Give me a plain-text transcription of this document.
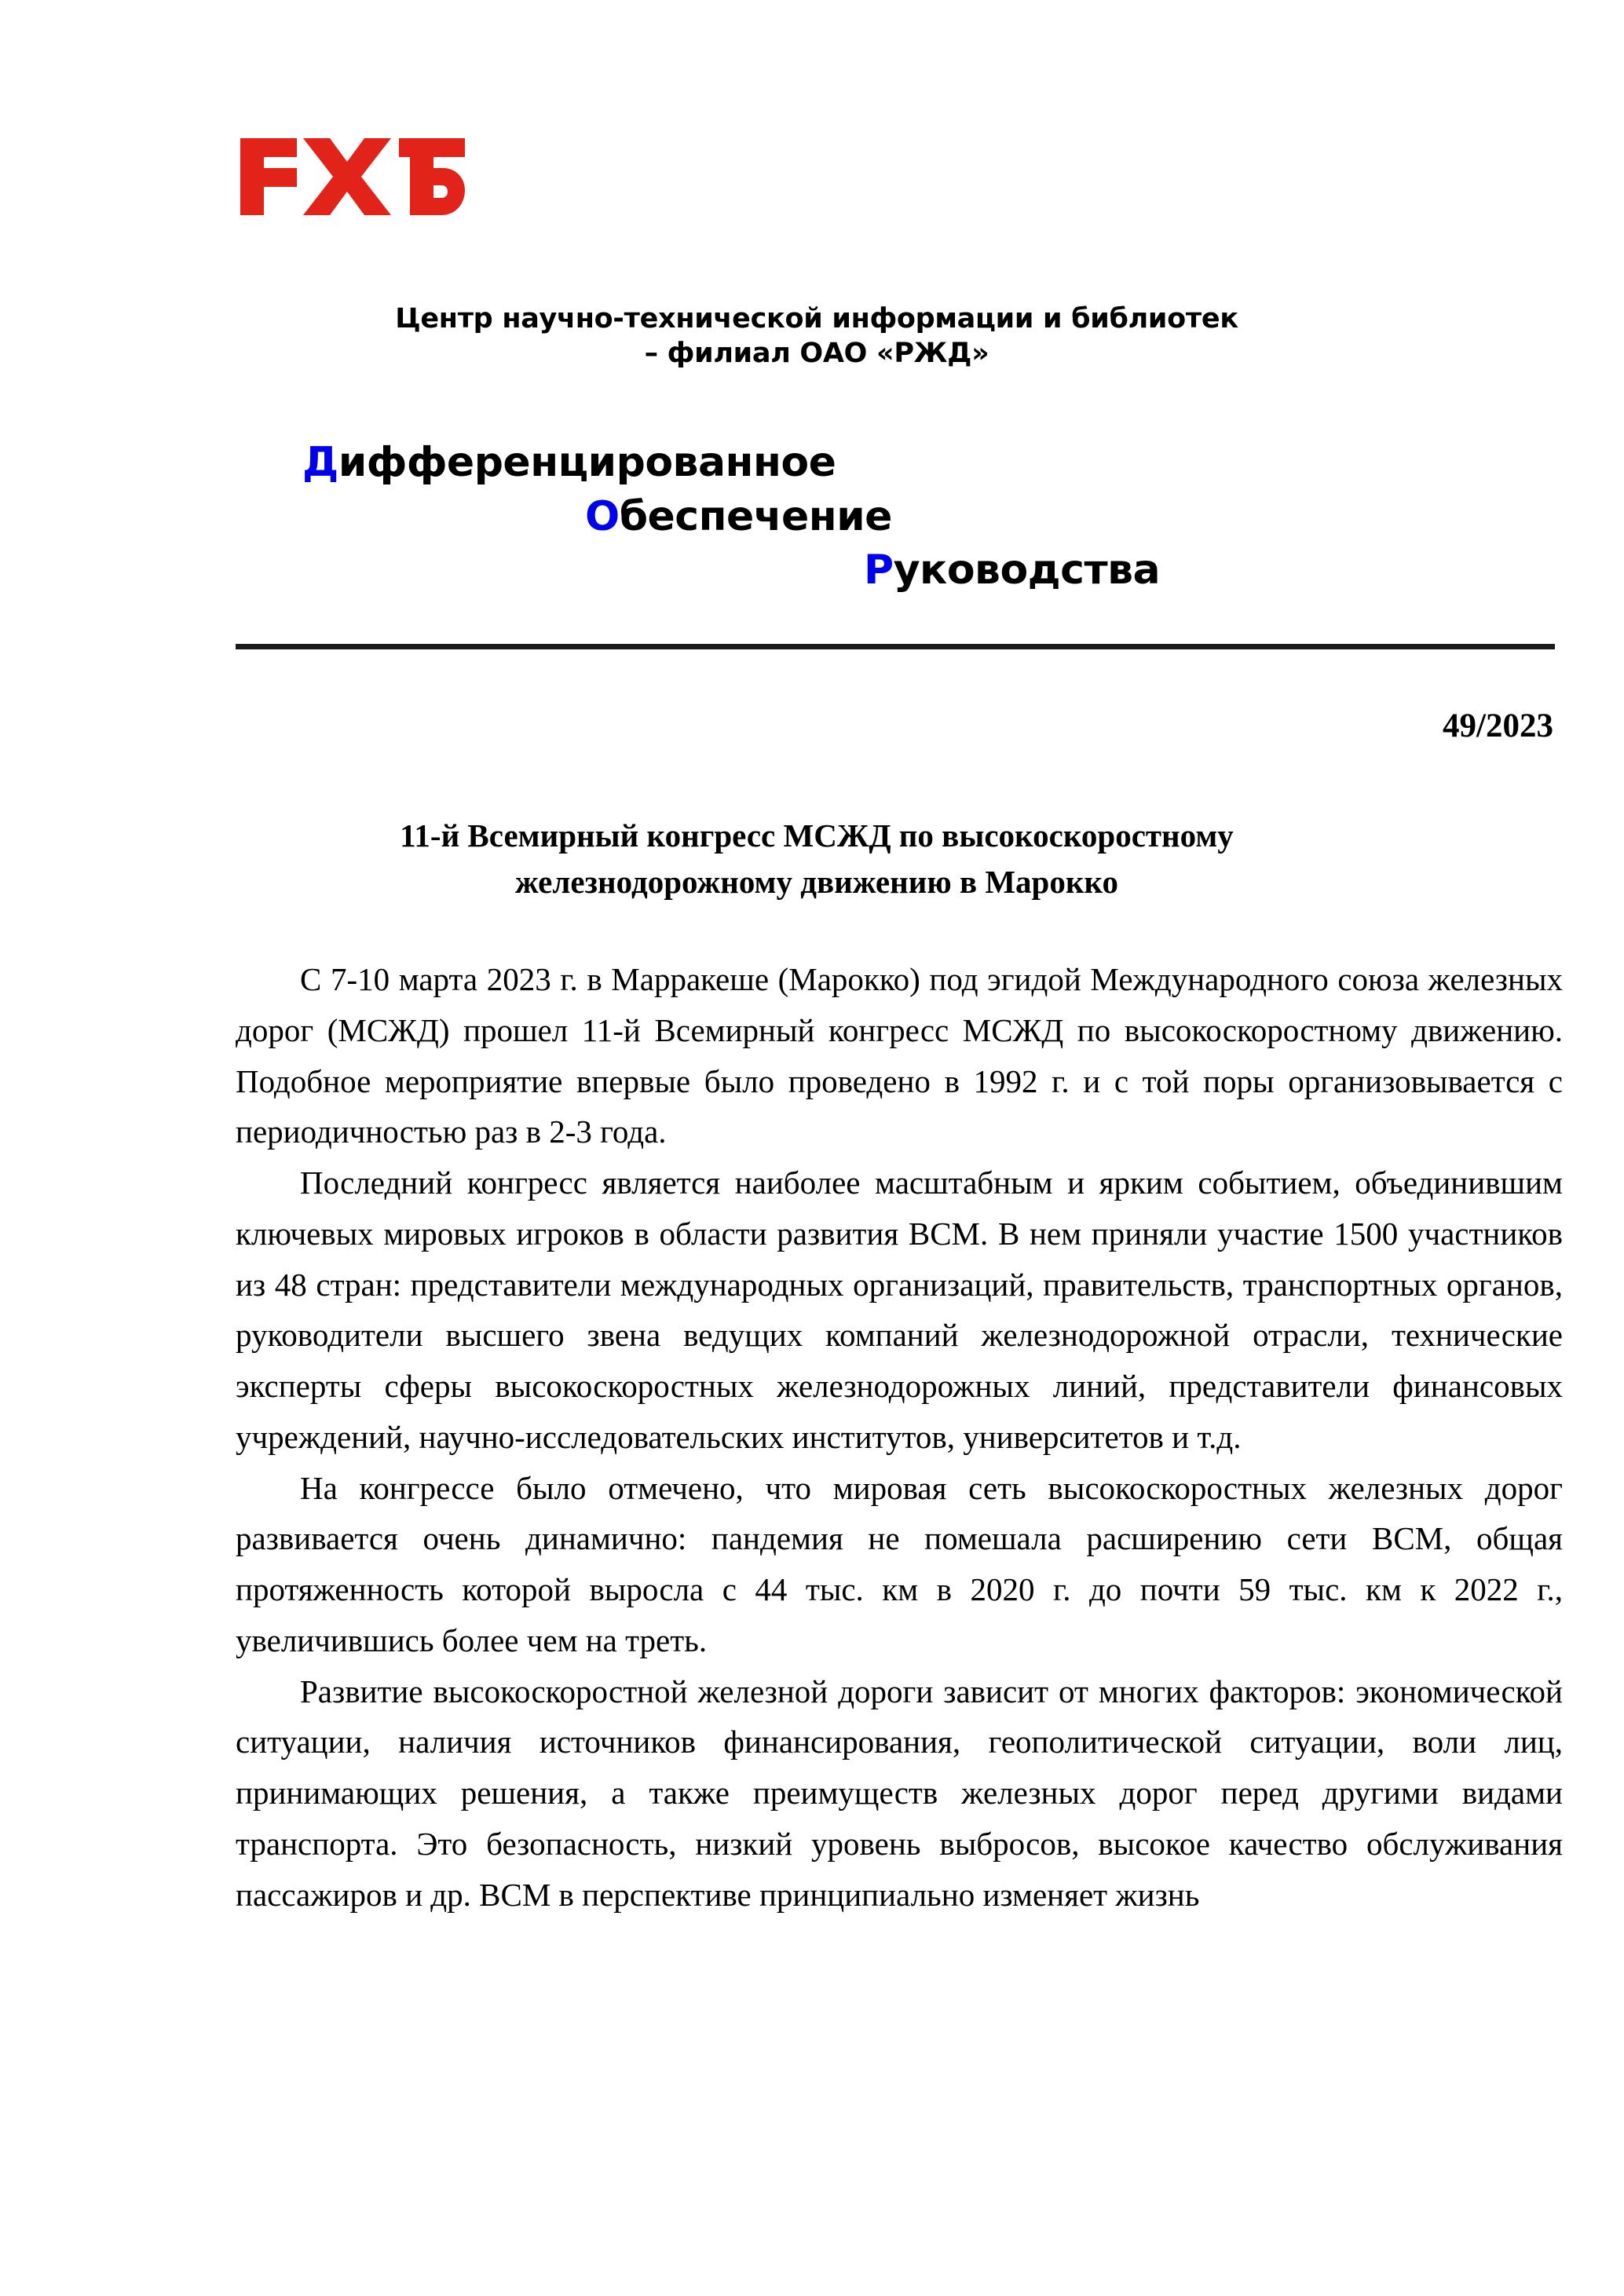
Центр научно-технической информации и библиотек
– филиал ОАО «РЖД»
Дифференцированное
Обеспечение
Руководства
49/2023
11-й Всемирный конгресс МСЖД по высокоскоростному
железнодорожному движению в Марокко

С 7-10 марта 2023 г. в Марракеше (Марокко) под эгидой Международного союза железных дорог (МСЖД) прошел 11-й Всемирный конгресс МСЖД по высокоскоростному движению. Подобное мероприятие впервые было проведено в 1992 г. и с той поры организовывается с периодичностью раз в 2-3 года.

Последний конгресс является наиболее масштабным и ярким событием, объединившим ключевых мировых игроков в области развития ВСМ. В нем приняли участие 1500 участников из 48 стран: представители международных организаций, правительств, транспортных органов, руководители высшего звена ведущих компаний железнодорожной отрасли, технические эксперты сферы высокоскоростных железнодорожных линий, представители финансовых учреждений, научно-исследовательских институтов, университетов и т.д.

На конгрессе было отмечено, что мировая сеть высокоскоростных железных дорог развивается очень динамично: пандемия не помешала расширению сети ВСМ, общая протяженность которой выросла с 44 тыс. км в 2020 г. до почти 59 тыс. км к 2022 г., увеличившись более чем на треть.

Развитие высокоскоростной железной дороги зависит от многих факторов: экономической ситуации, наличия источников финансирования, геополитической ситуации, воли лиц, принимающих решения, а также преимуществ железных дорог перед другими видами транспорта. Это безопасность, низкий уровень выбросов, высокое качество обслуживания пассажиров и др. ВСМ в перспективе принципиально изменяет жизнь
